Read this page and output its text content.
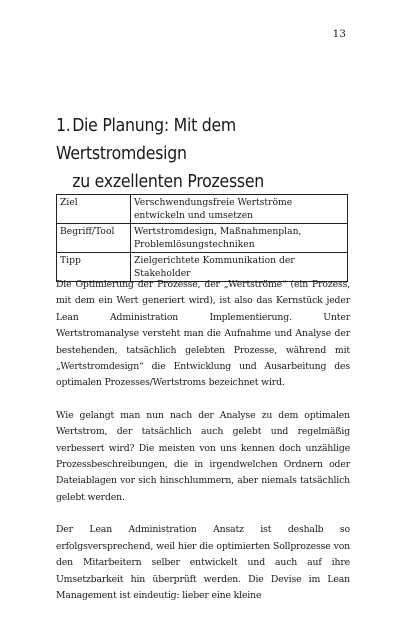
13
1.Die Planung: Mit dem Wertstromdesign
zu exzellenten Prozessen
Ziel	Verschwendungsfreie Wertströme entwickeln und umsetzen
Begriff/Tool	Wertstromdesign, Maßnahmenplan, Problemlösungstechniken
Tipp	Zielgerichtete Kommunikation der Stakeholder

Die Optimierung der Prozesse, der „Wertströme“ (ein Prozess, mit dem ein Wert generiert wird), ist also das Kernstück jeder Lean Administration Implementierung. Unter Wertstromanalyse versteht man die Aufnahme und Analyse der bestehenden, tatsächlich gelebten Prozesse, während mit „Wertstromdesign“ die Entwicklung und Ausarbeitung des optimalen Prozesses/Wertstroms bezeichnet wird.

Wie gelangt man nun nach der Analyse zu dem optimalen Wertstrom, der tatsächlich auch gelebt und regelmäßig verbessert wird? Die meisten von uns kennen doch unzählige Prozessbeschreibungen, die in irgendwelchen Ordnern oder Dateiablagen vor sich hinschlummern, aber niemals tatsächlich gelebt werden.

Der Lean Administration Ansatz ist deshalb so erfolgsversprechend, weil hier die optimierten Sollprozesse von den Mitarbeitern selber entwickelt und auch auf ihre Umsetzbarkeit hin überprüft werden. Die Devise im Lean Management ist eindeutig: lieber eine kleine
